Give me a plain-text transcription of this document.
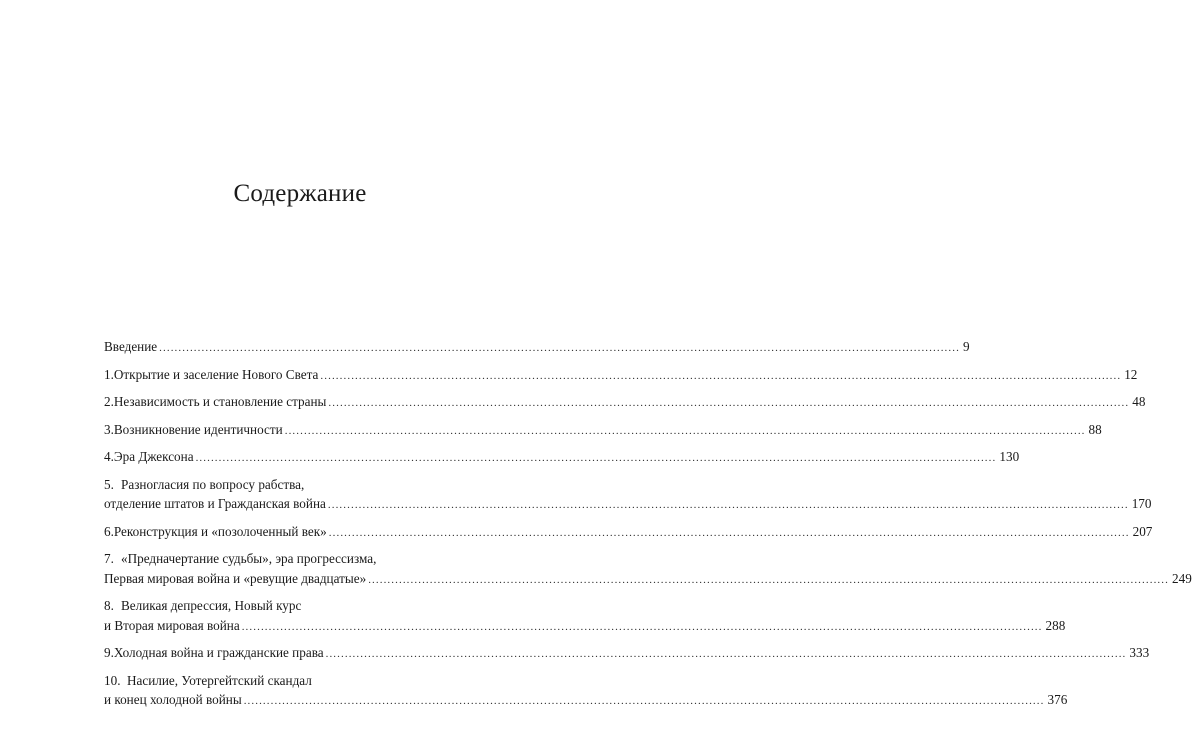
Содержание
Введение ................................................................................................................................................................................................................ 9
1. Открытие и заселение Нового Света ................................................................................................................................................................................................................ 12
2. Независимость и становление страны ................................................................................................................................................................................................................ 48
3. Возникновение идентичности ................................................................................................................................................................................................................ 88
4. Эра Джексона ................................................................................................................................................................................................................ 130
5. Разногласия по вопросу рабства,
отделение штатов и Гражданская война ................................................................................................................................................................................................................ 170
6. Реконструкция и «позолоченный век» ................................................................................................................................................................................................................ 207
7. «Предначертание судьбы», эра прогрессизма,
Первая мировая война и «ревущие двадцатые» ................................................................................................................................................................................................................ 249
8. Великая депрессия, Новый курс
и Вторая мировая война ................................................................................................................................................................................................................ 288
9. Холодная война и гражданские права ................................................................................................................................................................................................................ 333
10. Насилие, Уотергейтский скандал
и конец холодной войны ................................................................................................................................................................................................................ 376
